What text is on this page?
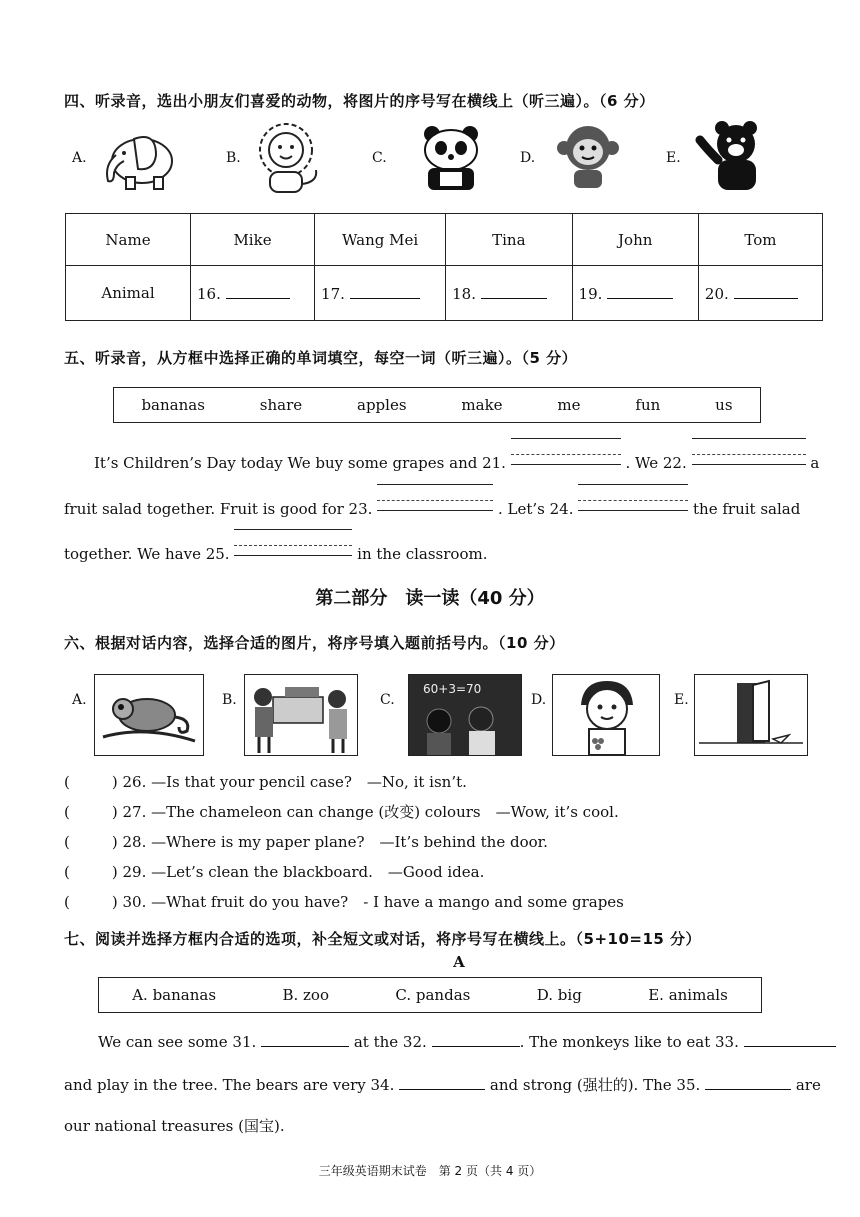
四、听录音，选出小朋友们喜爱的动物，将图片的序号写在横线上（听三遍）。（6 分）
A.	B.	C.	D.	E.
Name	Mike	Wang Mei	Tina	John	Tom
Animal	16.	17.	18.	19.	20.
五、听录音，从方框中选择正确的单词填空，每空一词（听三遍）。（5 分）
bananas	share	apples	make	me	fun	us
It’s Children’s Day today We buy some grapes and 21.	. We 22.	a
fruit salad together. Fruit is good for 23.	. Let’s 24.	the fruit salad
together. We have 25.	in the classroom.
第二部分　读一读（40 分）
六、根据对话内容，选择合适的图片，将序号填入题前括号内。（10 分）
A.	B.	C.
60+3=70
D.	E.
(	) 26. —Is that your pencil case?　—No, it isn’t.
(	) 27. —The chameleon can change (改变) colours　—Wow, it’s cool.
(	) 28. —Where is my paper plane?　—It’s behind the door.
(	) 29. —Let’s clean the blackboard.　—Good idea.
(	) 30. —What fruit do you have?　- I have a mango and some grapes
七、阅读并选择方框内合适的选项，补全短文或对话，将序号写在横线上。（5+10=15 分）
A
A. bananas	B. zoo	C. pandas	D. big	E. animals
We can see some 31.	at the 32.	. The monkeys like to eat 33.
and play in the tree. The bears are very 34.	and strong (强壮的). The 35.	are
our national treasures (国宝).
三年级英语期末试卷　第 2 页（共 4 页）
